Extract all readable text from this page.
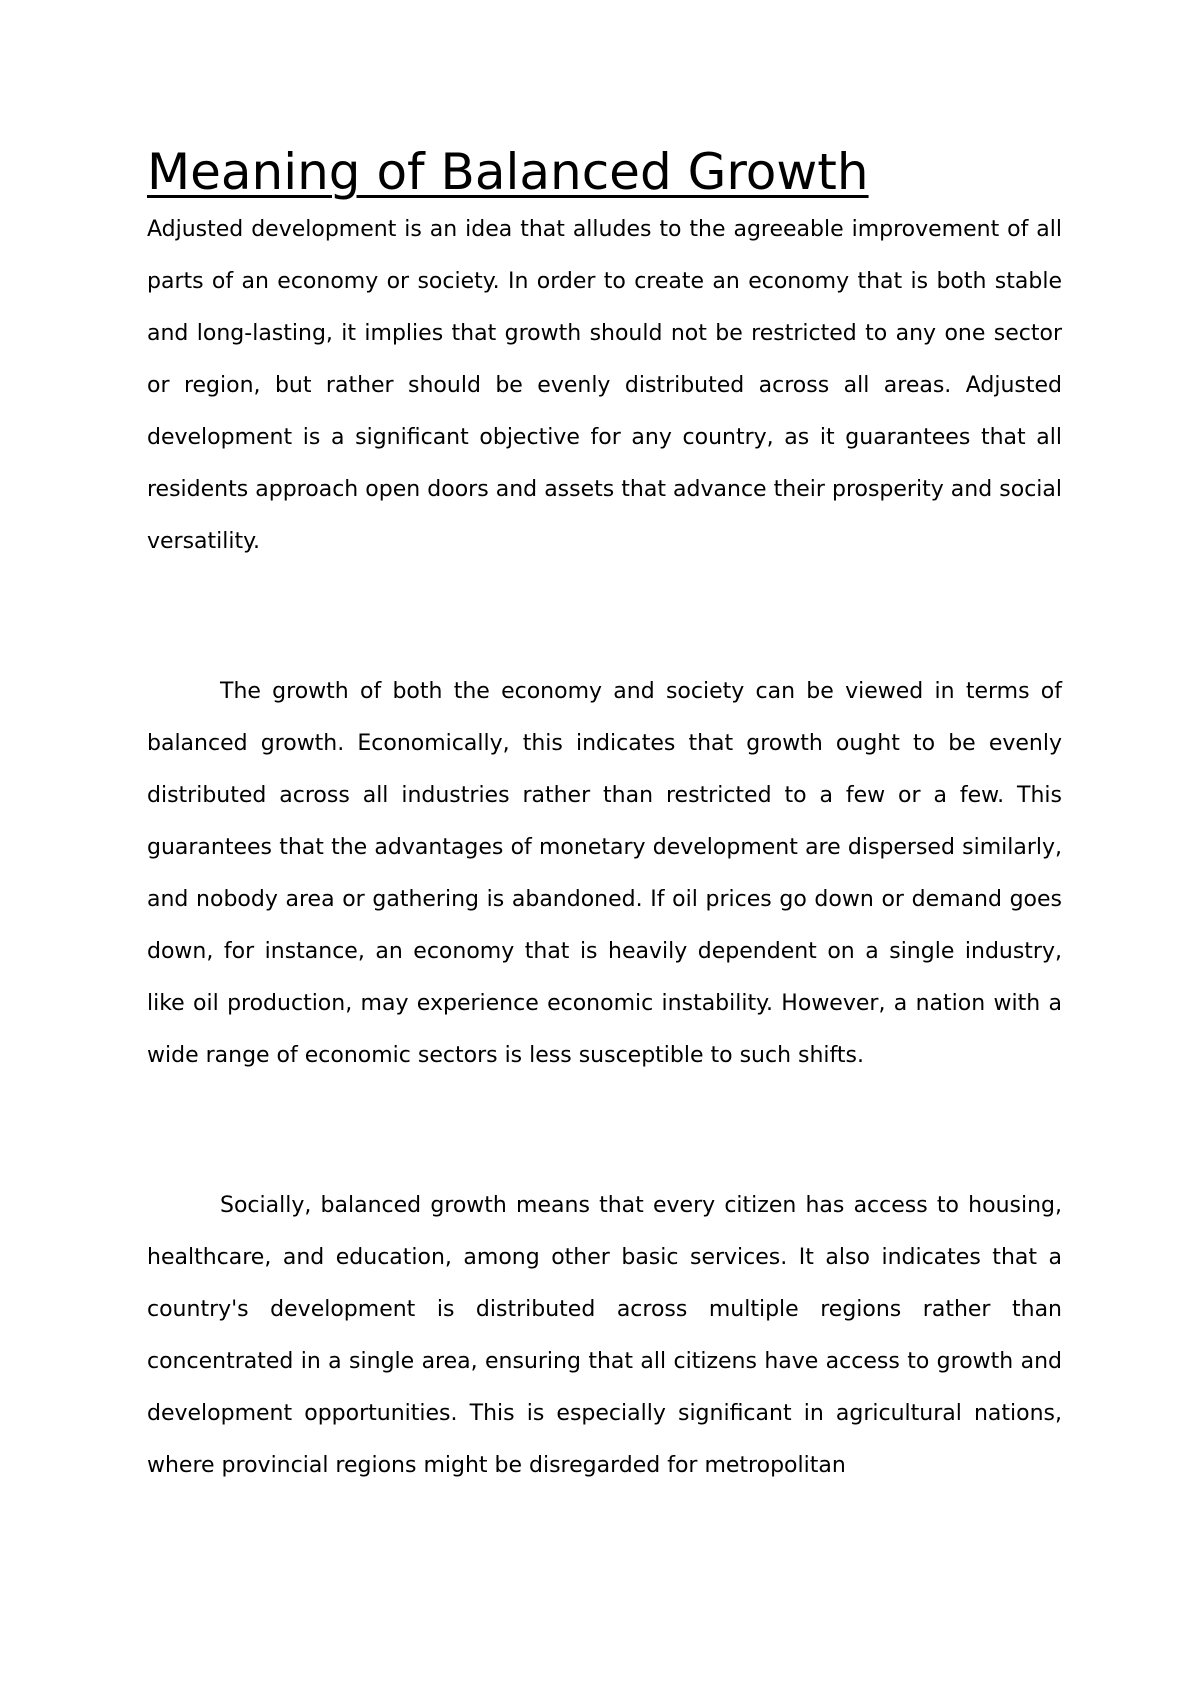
Meaning of Balanced Growth

Adjusted development is an idea that alludes to the agreeable improvement of all parts of an economy or society. In order to create an economy that is both stable and long-lasting, it implies that growth should not be restricted to any one sector or region, but rather should be evenly distributed across all areas. Adjusted development is a significant objective for any country, as it guarantees that all residents approach open doors and assets that advance their prosperity and social versatility.

The growth of both the economy and society can be viewed in terms of balanced growth. Economically, this indicates that growth ought to be evenly distributed across all industries rather than restricted to a few or a few. This guarantees that the advantages of monetary development are dispersed similarly, and nobody area or gathering is abandoned. If oil prices go down or demand goes down, for instance, an economy that is heavily dependent on a single industry, like oil production, may experience economic instability. However, a nation with a wide range of economic sectors is less susceptible to such shifts.

Socially, balanced growth means that every citizen has access to housing, healthcare, and education, among other basic services. It also indicates that a country's development is distributed across multiple regions rather than concentrated in a single area, ensuring that all citizens have access to growth and development opportunities. This is especially significant in agricultural nations, where provincial regions might be disregarded for metropolitan
